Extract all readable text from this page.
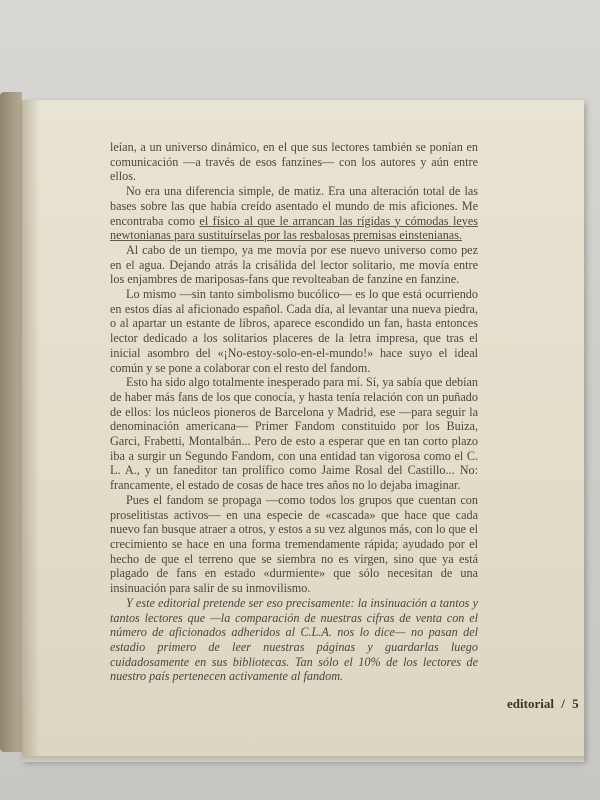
leían, a un universo dinámico, en el que sus lectores también se ponían en comunicación —a través de esos fanzines— con los autores y aún entre ellos.

No era una diferencia simple, de matiz. Era una alteración total de las bases sobre las que había creído asentado el mundo de mis aficiones. Me encontraba como el físico al que le arrancan las rígidas y cómodas leyes newtonianas para sustituírselas por las resbalosas premisas einstenianas.

Al cabo de un tiempo, ya me movía por ese nuevo universo como pez en el agua. Dejando atrás la crisálida del lector solitario, me movía entre los enjambres de mariposas-fans que revolteaban de fanzine en fanzine.

Lo mismo —sin tanto simbolismo bucólico— es lo que está ocurriendo en estos días al aficionado español. Cada día, al levantar una nueva piedra, o al apartar un estante de libros, aparece escondido un fan, hasta entonces lector dedicado a los solitarios placeres de la letra impresa, que tras el inicial asombro del «¡No-estoy-solo-en-el-mundo!» hace suyo el ideal común y se pone a colaborar con el resto del fandom.

Esto ha sido algo totalmente inesperado para mí. Sí, ya sabía que debían de haber más fans de los que conocía, y hasta tenía relación con un puñado de ellos: los núcleos pioneros de Barcelona y Madrid, ese —para seguir la denominación americana— Primer Fandom constituido por los Buiza, Garci, Frabetti, Montalbán... Pero de esto a esperar que en tan corto plazo iba a surgir un Segundo Fandom, con una entidad tan vigorosa como el C. L. A., y un faneditor tan prolífico como Jaime Rosal del Castillo... No: francamente, el estado de cosas de hace tres años no lo dejaba imaginar.

Pues el fandom se propaga —como todos los grupos que cuentan con proselitistas activos— en una especie de «cascada» que hace que cada nuevo fan busque atraer a otros, y estos a su vez algunos más, con lo que el crecimiento se hace en una forma tremendamente rápida; ayudado por el hecho de que el terreno que se siembra no es virgen, sino que ya está plagado de fans en estado «durmiente» que sólo necesitan de una insinuación para salir de su inmovilismo.

Y este editorial pretende ser eso precisamente: la insinuación a tantos y tantos lectores que —la comparación de nuestras cifras de venta con el número de aficionados adheridos al C.L.A. nos lo dice— no pasan del estadio primero de leer nuestras páginas y guardarlas luego cuidadosamente en sus bibliotecas. Tan sólo el 10% de los lectores de nuestro país pertenecen activamente al fandom.

editorial / 5
